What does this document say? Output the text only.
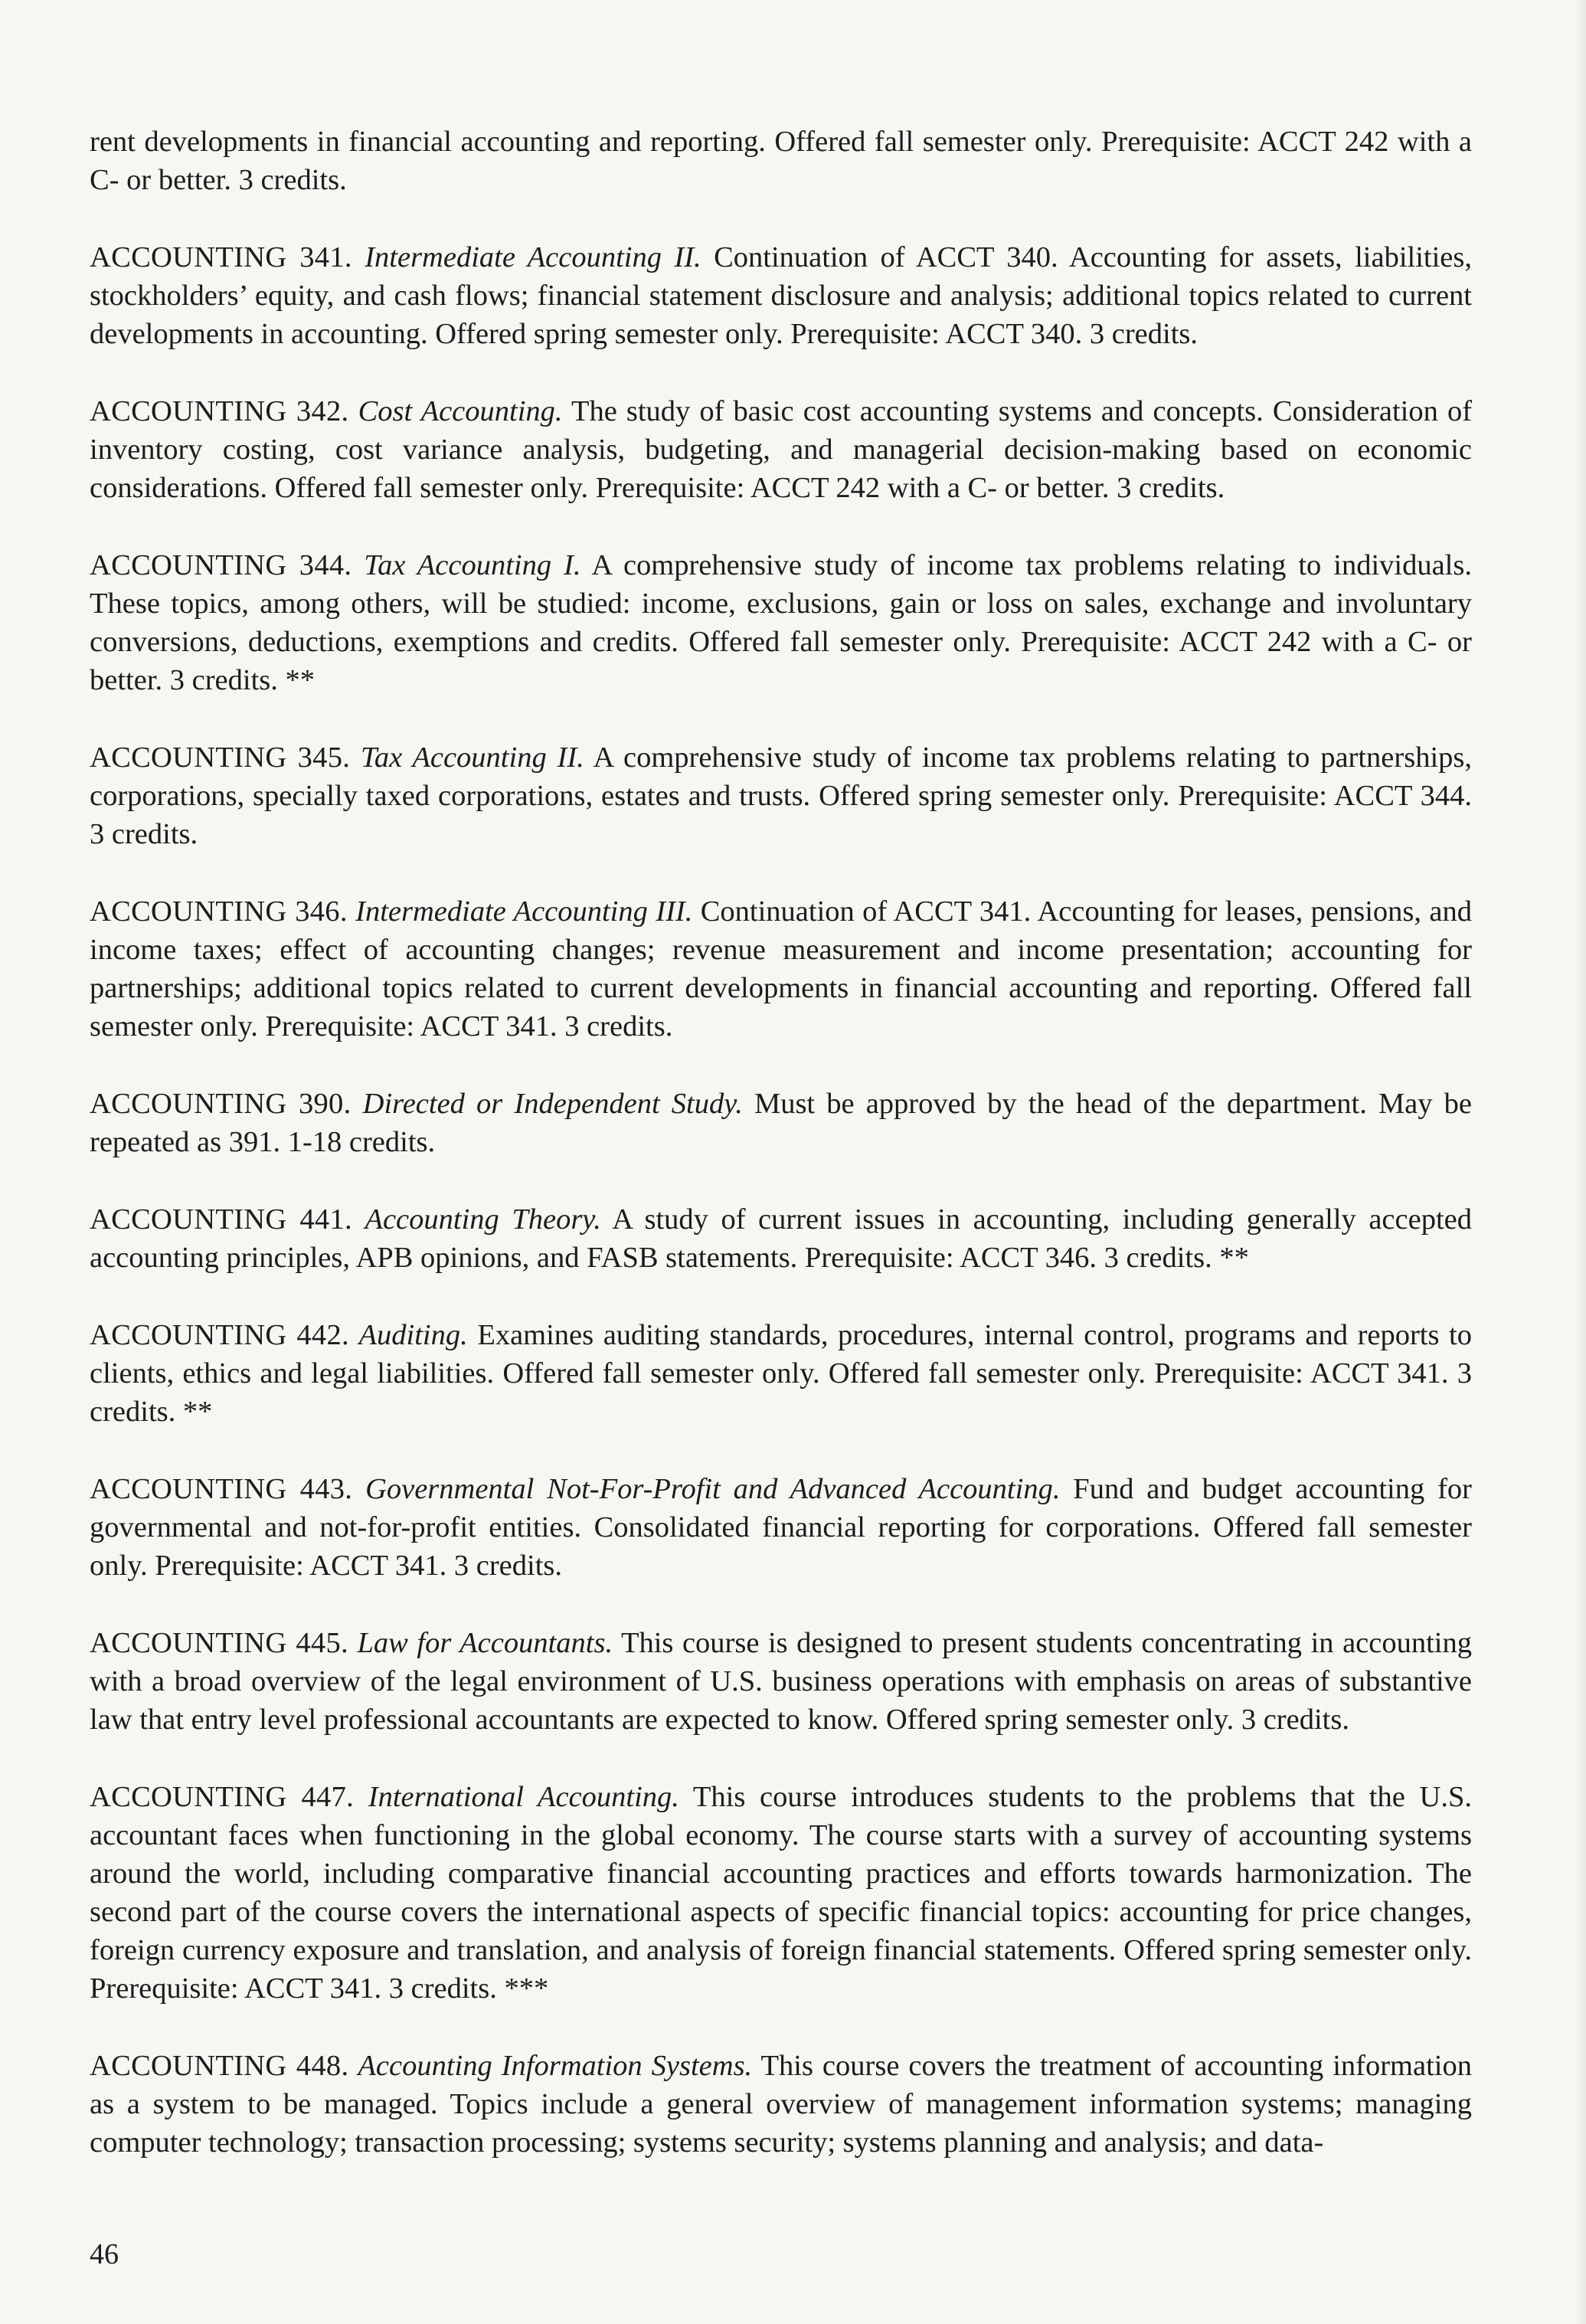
rent developments in financial accounting and reporting. Offered fall semester only. Prerequisite: ACCT 242 with a C- or better. 3 credits.

ACCOUNTING 341. Intermediate Accounting II. Continuation of ACCT 340. Accounting for assets, liabilities, stockholders’ equity, and cash flows; financial statement disclosure and analysis; additional topics related to current developments in accounting. Offered spring semester only. Prerequisite: ACCT 340. 3 credits.

ACCOUNTING 342. Cost Accounting. The study of basic cost accounting systems and concepts. Consideration of inventory costing, cost variance analysis, budgeting, and managerial decision-making based on economic considerations. Offered fall semester only. Prerequisite: ACCT 242 with a C- or better. 3 credits.

ACCOUNTING 344. Tax Accounting I. A comprehensive study of income tax problems relating to individuals. These topics, among others, will be studied: income, exclusions, gain or loss on sales, exchange and involuntary conversions, deductions, exemptions and credits. Offered fall semester only. Prerequisite: ACCT 242 with a C- or better. 3 credits. **

ACCOUNTING 345. Tax Accounting II. A comprehensive study of income tax problems relating to partnerships, corporations, specially taxed corporations, estates and trusts. Offered spring semester only. Prerequisite: ACCT 344. 3 credits.

ACCOUNTING 346. Intermediate Accounting III. Continuation of ACCT 341. Accounting for leases, pensions, and income taxes; effect of accounting changes; revenue measurement and income presentation; accounting for partnerships; additional topics related to current developments in financial accounting and reporting. Offered fall semester only. Prerequisite: ACCT 341. 3 credits.

ACCOUNTING 390. Directed or Independent Study. Must be approved by the head of the department. May be repeated as 391. 1-18 credits.

ACCOUNTING 441. Accounting Theory. A study of current issues in accounting, including generally accepted accounting principles, APB opinions, and FASB statements. Prerequisite: ACCT 346. 3 credits. **

ACCOUNTING 442. Auditing. Examines auditing standards, procedures, internal control, programs and reports to clients, ethics and legal liabilities. Offered fall semester only. Offered fall semester only. Prerequisite: ACCT 341. 3 credits. **

ACCOUNTING 443. Governmental Not-For-Profit and Advanced Accounting. Fund and budget accounting for governmental and not-for-profit entities. Consolidated financial reporting for corporations. Offered fall semester only. Prerequisite: ACCT 341. 3 credits.

ACCOUNTING 445. Law for Accountants. This course is designed to present students concentrating in accounting with a broad overview of the legal environment of U.S. business operations with emphasis on areas of substantive law that entry level professional accountants are expected to know. Offered spring semester only. 3 credits.

ACCOUNTING 447. International Accounting. This course introduces students to the problems that the U.S. accountant faces when functioning in the global economy. The course starts with a survey of accounting systems around the world, including comparative financial accounting practices and efforts towards harmonization. The second part of the course covers the international aspects of specific financial topics: accounting for price changes, foreign currency exposure and translation, and analysis of foreign financial statements. Offered spring semester only. Prerequisite: ACCT 341. 3 credits. ***

ACCOUNTING 448. Accounting Information Systems. This course covers the treatment of accounting information as a system to be managed. Topics include a general overview of management information systems; managing computer technology; transaction processing; systems security; systems planning and analysis; and data-

46
